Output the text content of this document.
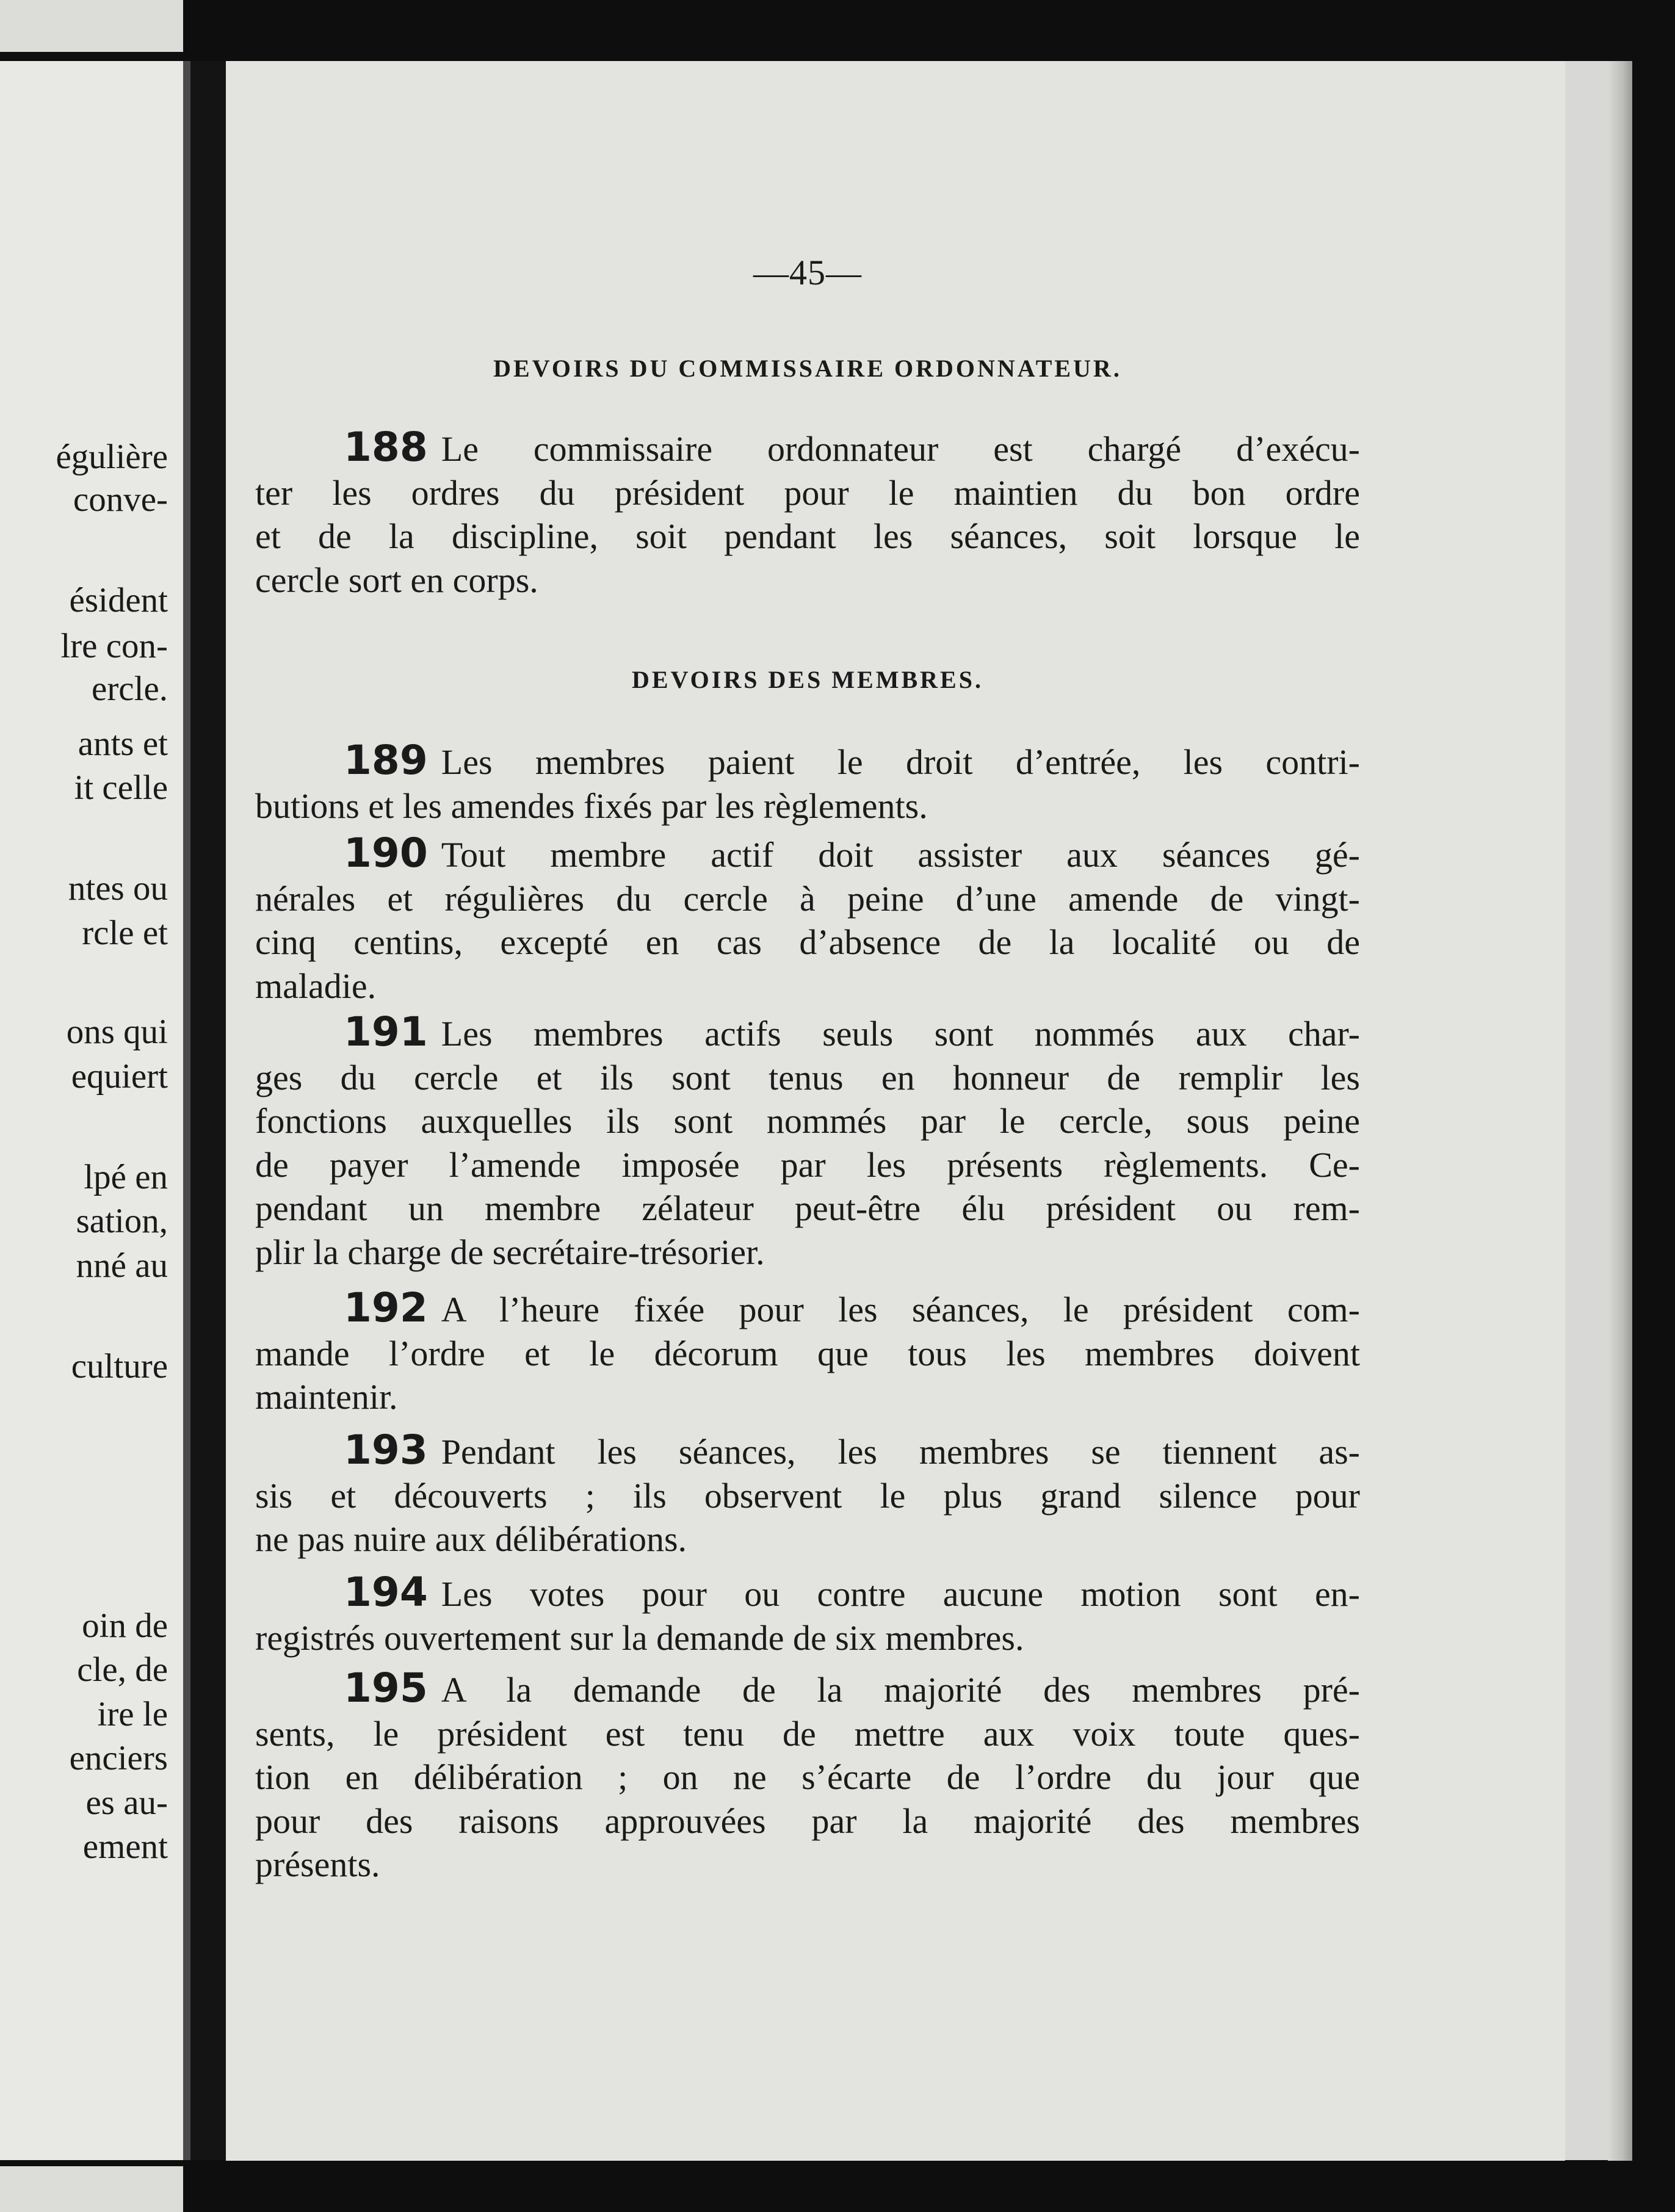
égulière
conve-
ésident
lre con-
ercle.
ants et
it celle
ntes ou
rcle et
ons qui
equiert
lpé en
sation,
nné au
culture
oin de
cle, de
ire le
enciers
es au-
ement
—45—
DEVOIRS DU COMMISSAIRE ORDONNATEUR.
188 Le commissaire ordonnateur est chargé d’exécu-
ter les ordres du président pour le maintien du bon ordre
et de la discipline, soit pendant les séances, soit lorsque le
cercle sort en corps.
DEVOIRS DES MEMBRES.
189 Les membres paient le droit d’entrée, les contri-
butions et les amendes fixés par les règlements.
190 Tout membre actif doit assister aux séances gé-
nérales et régulières du cercle à peine d’une amende de vingt-
cinq centins, excepté en cas d’absence de la localité ou de
maladie.
191 Les membres actifs seuls sont nommés aux char-
ges du cercle et ils sont tenus en honneur de remplir les
fonctions auxquelles ils sont nommés par le cercle, sous peine
de payer l’amende imposée par les présents règlements. Ce-
pendant un membre zélateur peut-être élu président ou rem-
plir la charge de secrétaire-trésorier.
192 A l’heure fixée pour les séances, le président com-
mande l’ordre et le décorum que tous les membres doivent
maintenir.
193 Pendant les séances, les membres se tiennent as-
sis et découverts ; ils observent le plus grand silence pour
ne pas nuire aux délibérations.
194 Les votes pour ou contre aucune motion sont en-
registrés ouvertement sur la demande de six membres.
195 A la demande de la majorité des membres pré-
sents, le président est tenu de mettre aux voix toute ques-
tion en délibération ; on ne s’écarte de l’ordre du jour que
pour des raisons approuvées par la majorité des membres
présents.
